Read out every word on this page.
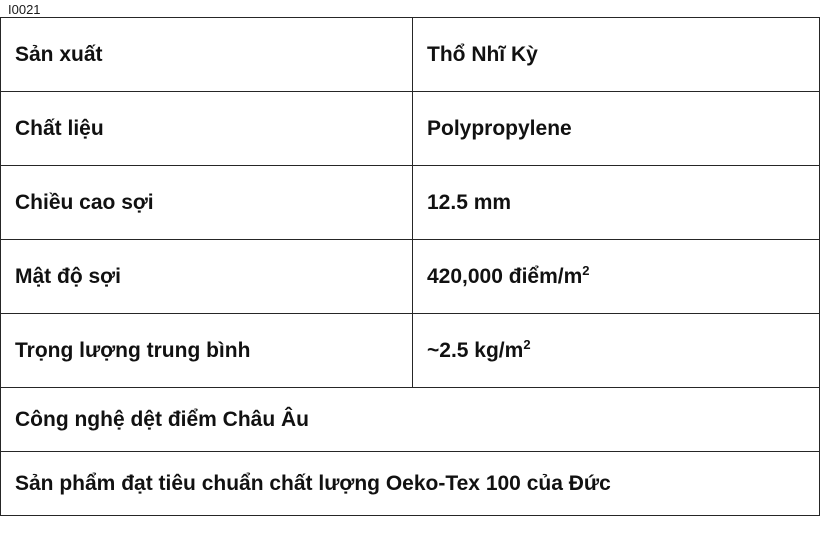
I0021
Sản xuất	Thổ Nhĩ Kỳ
Chất liệu	Polypropylene
Chiều cao sợi	12.5 mm
Mật độ sợi	420,000 điểm/$m^2$
Trọng lượng trung bình	~2.5 $kg/m^2$
Công nghệ dệt điểm Châu Âu	
Sản phẩm đạt tiêu chuẩn chất lượng Oeko-Tex 100 của Đức	
